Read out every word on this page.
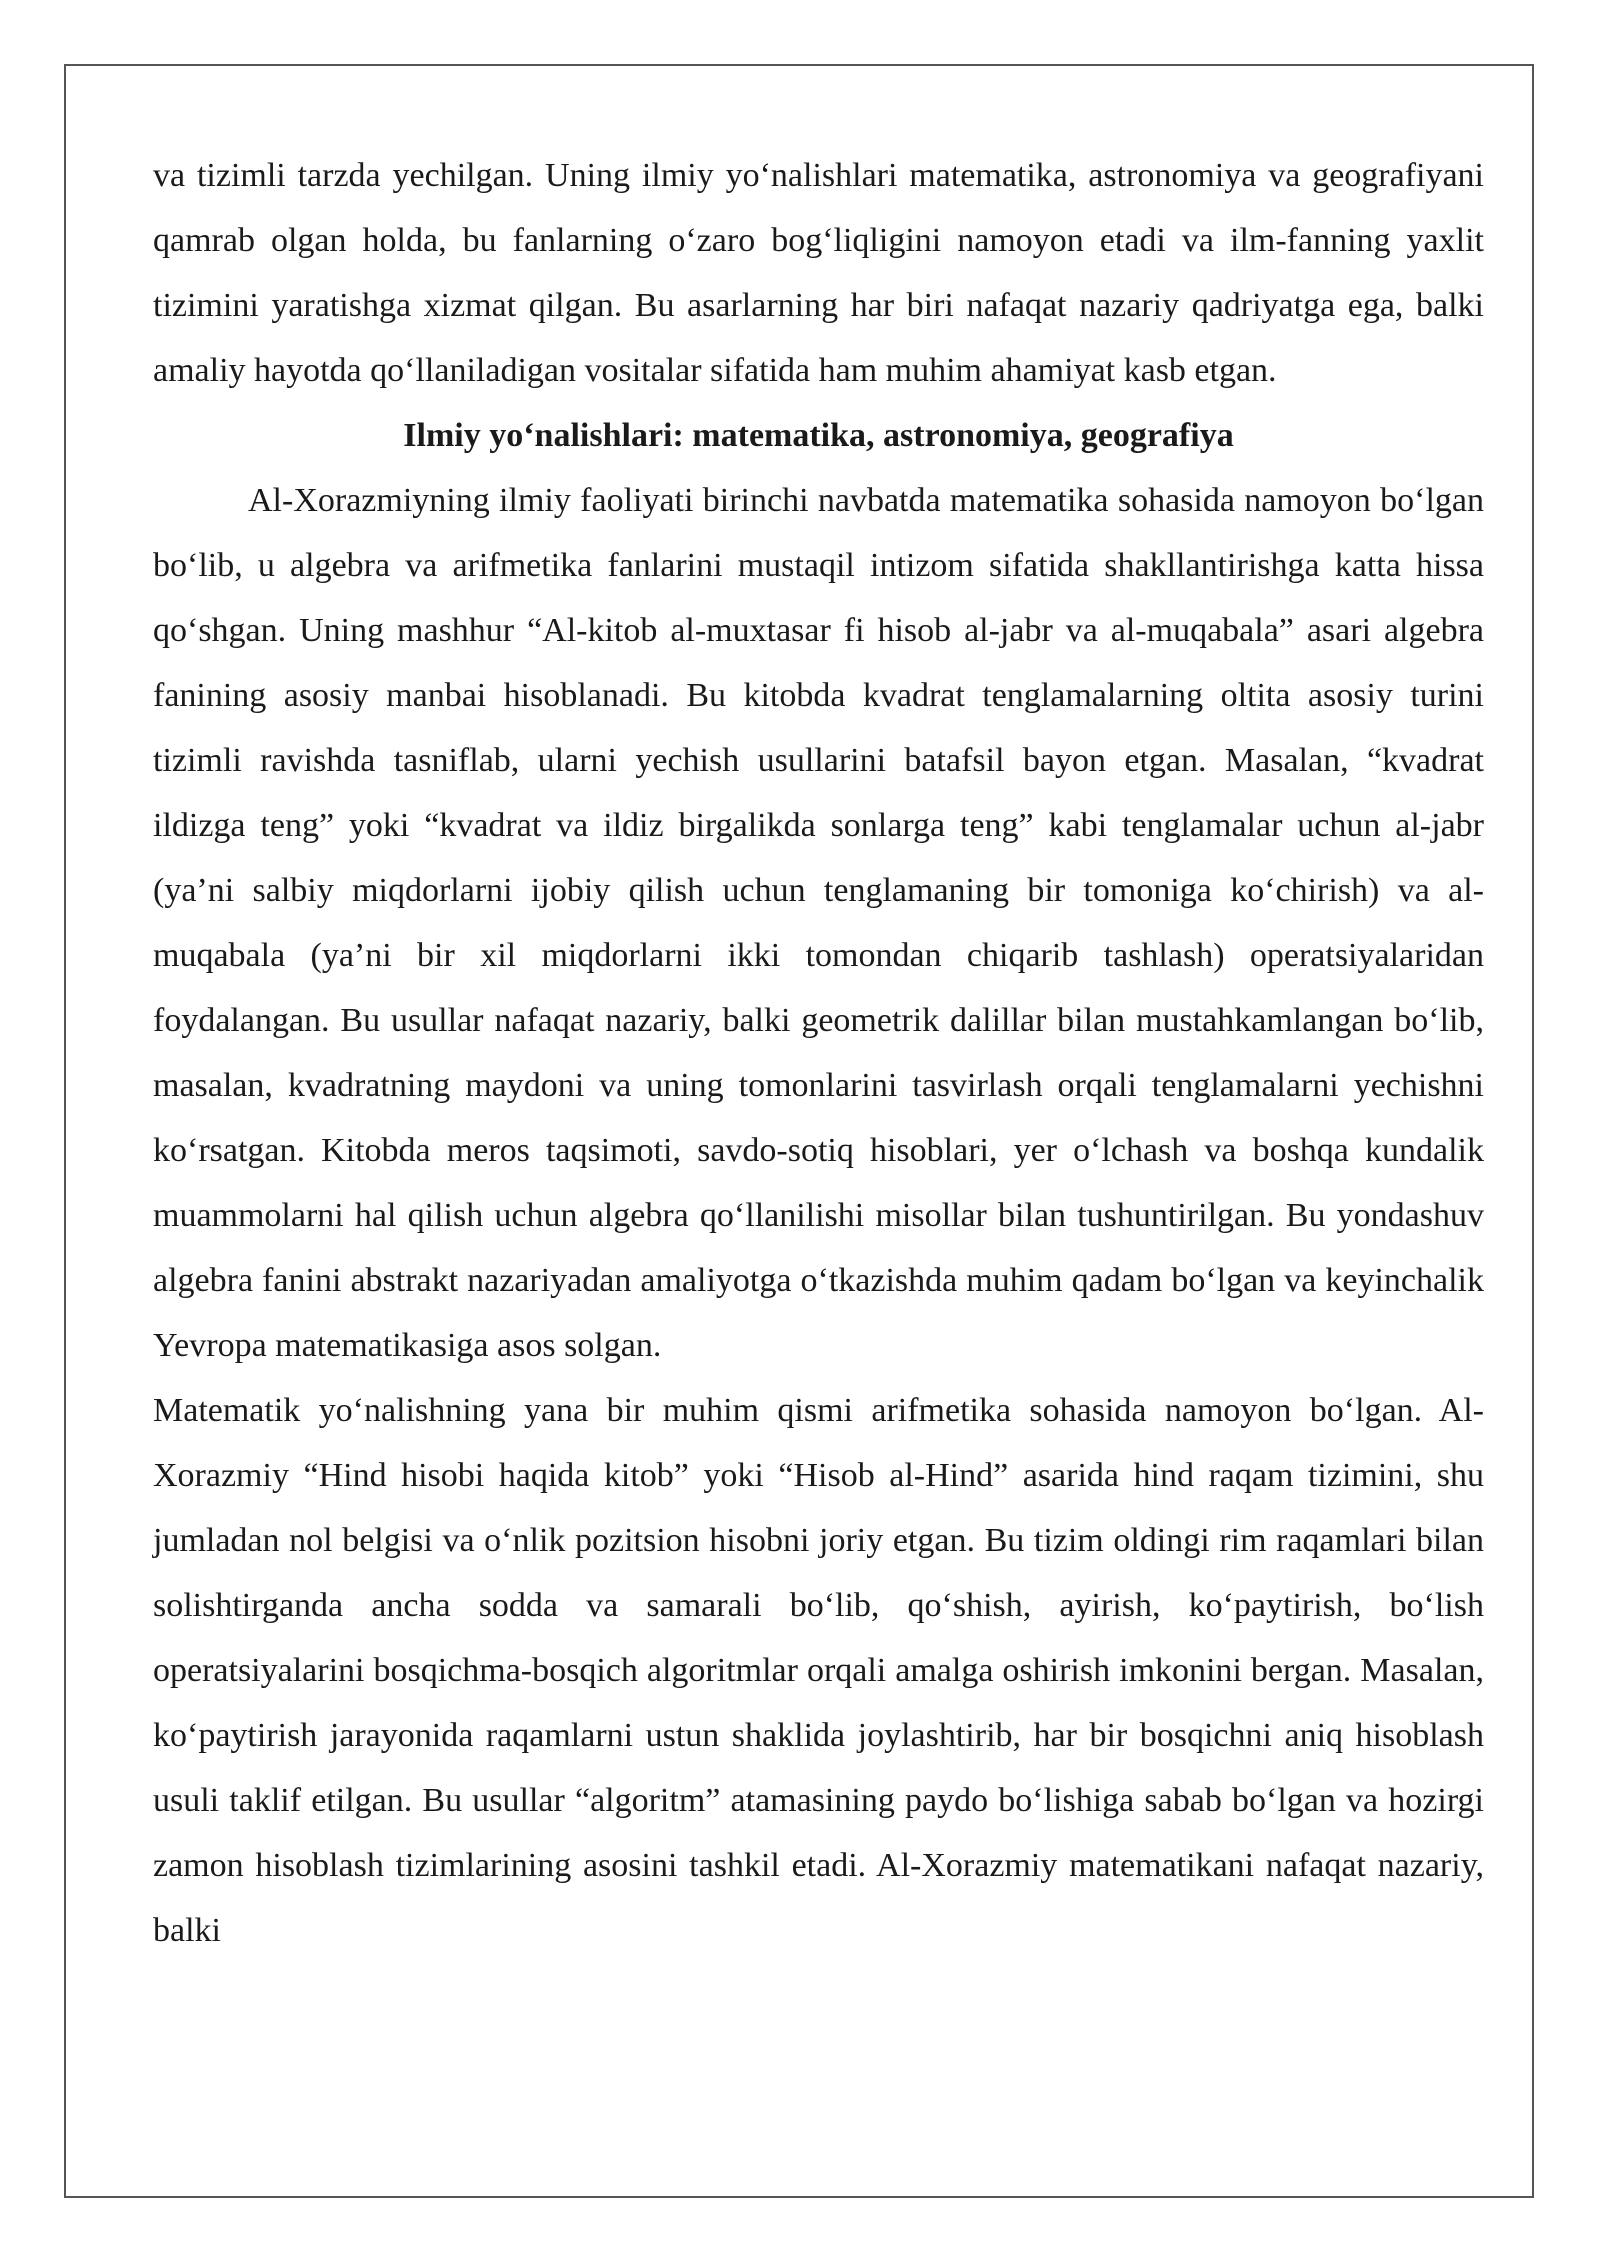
va tizimli tarzda yechilgan. Uning ilmiy yo‘nalishlari matematika, astronomiya va geografiyani qamrab olgan holda, bu fanlarning o‘zaro bog‘liqligini namoyon etadi va ilm-fanning yaxlit tizimini yaratishga xizmat qilgan. Bu asarlarning har biri nafaqat nazariy qadriyatga ega, balki amaliy hayotda qo‘llaniladigan vositalar sifatida ham muhim ahamiyat kasb etgan.

Ilmiy yo‘nalishlari: matematika, astronomiya, geografiya

Al-Xorazmiyning ilmiy faoliyati birinchi navbatda matematika sohasida namoyon bo‘lgan bo‘lib, u algebra va arifmetika fanlarini mustaqil intizom sifatida shakllantirishga katta hissa qo‘shgan. Uning mashhur “Al-kitob al-muxtasar fi hisob al-jabr va al-muqabala” asari algebra fanining asosiy manbai hisoblanadi. Bu kitobda kvadrat tenglamalarning oltita asosiy turini tizimli ravishda tasniflab, ularni yechish usullarini batafsil bayon etgan. Masalan, “kvadrat ildizga teng” yoki “kvadrat va ildiz birgalikda sonlarga teng” kabi tenglamalar uchun al-jabr (ya’ni salbiy miqdorlarni ijobiy qilish uchun tenglamaning bir tomoniga ko‘chirish) va al-muqabala (ya’ni bir xil miqdorlarni ikki tomondan chiqarib tashlash) operatsiyalaridan foydalangan. Bu usullar nafaqat nazariy, balki geometrik dalillar bilan mustahkamlangan bo‘lib, masalan, kvadratning maydoni va uning tomonlarini tasvirlash orqali tenglamalarni yechishni ko‘rsatgan. Kitobda meros taqsimoti, savdo-sotiq hisoblari, yer o‘lchash va boshqa kundalik muammolarni hal qilish uchun algebra qo‘llanilishi misollar bilan tushuntirilgan. Bu yondashuv algebra fanini abstrakt nazariyadan amaliyotga o‘tkazishda muhim qadam bo‘lgan va keyinchalik Yevropa matematikasiga asos solgan.

Matematik yo‘nalishning yana bir muhim qismi arifmetika sohasida namoyon bo‘lgan. Al-Xorazmiy “Hind hisobi haqida kitob” yoki “Hisob al-Hind” asarida hind raqam tizimini, shu jumladan nol belgisi va o‘nlik pozitsion hisobni joriy etgan. Bu tizim oldingi rim raqamlari bilan solishtirganda ancha sodda va samarali bo‘lib, qo‘shish, ayirish, ko‘paytirish, bo‘lish operatsiyalarini bosqichma-bosqich algoritmlar orqali amalga oshirish imkonini bergan. Masalan, ko‘paytirish jarayonida raqamlarni ustun shaklida joylashtirib, har bir bosqichni aniq hisoblash usuli taklif etilgan. Bu usullar “algoritm” atamasining paydo bo‘lishiga sabab bo‘lgan va hozirgi zamon hisoblash tizimlarining asosini tashkil etadi. Al-Xorazmiy matematikani nafaqat nazariy, balki
